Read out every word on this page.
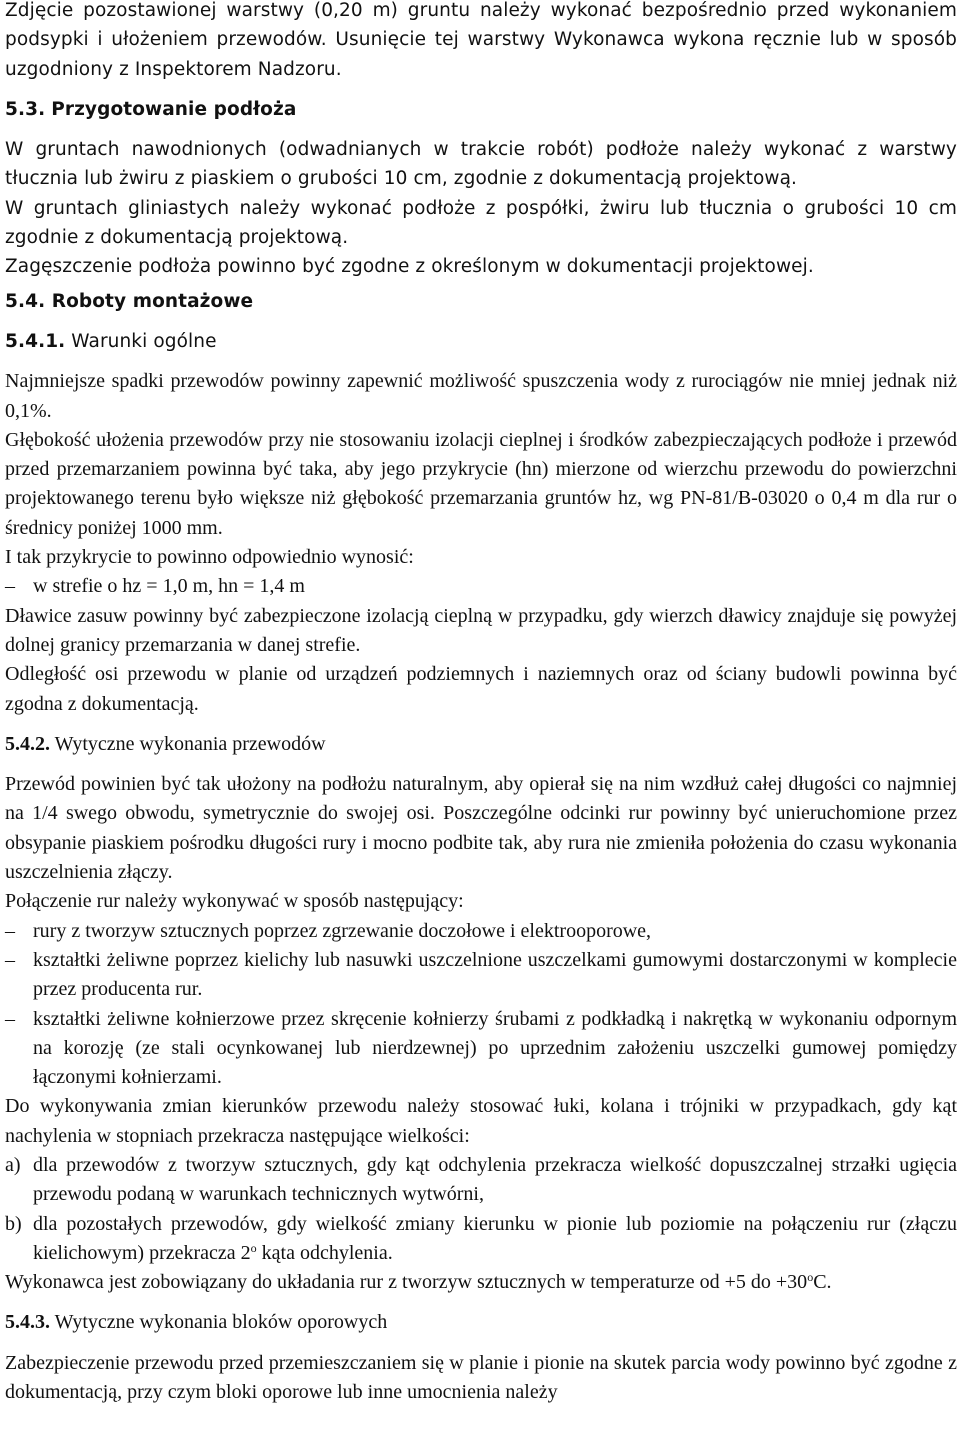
Zdjęcie pozostawionej warstwy (0,20 m) gruntu należy wykonać bezpośrednio przed wykonaniem podsypki i ułożeniem przewodów. Usunięcie tej warstwy Wykonawca wykona ręcznie lub w sposób uzgodniony z Inspektorem Nadzoru.

5.3. Przygotowanie podłoża

W gruntach nawodnionych (odwadnianych w trakcie robót) podłoże należy wykonać z warstwy tłucznia lub żwiru z piaskiem o grubości 10 cm, zgodnie z dokumentacją projektową.

W gruntach gliniastych należy wykonać podłoże z pospółki, żwiru lub tłucznia o grubości 10 cm zgodnie z dokumentacją projektową.

Zagęszczenie podłoża powinno być zgodne z określonym w dokumentacji projektowej.

5.4. Roboty montażowe
5.4.1. Warunki ogólne

Najmniejsze spadki przewodów powinny zapewnić możliwość spuszczenia wody z rurociągów nie mniej jednak niż 0,1%.

Głębokość ułożenia przewodów przy nie stosowaniu izolacji cieplnej i środków zabezpieczających podłoże i przewód przed przemarzaniem powinna być taka, aby jego przykrycie (hn) mierzone od wierzchu przewodu do powierzchni projektowanego terenu było większe niż głębokość przemarzania gruntów hz, wg PN-81/B-03020 o 0,4 m dla rur o średnicy poniżej 1000 mm.

I tak przykrycie to powinno odpowiednio wynosić:

– w strefie o hz = 1,0 m, hn = 1,4 m

Dławice zasuw powinny być zabezpieczone izolacją cieplną w przypadku, gdy wierzch dławicy znajduje się powyżej dolnej granicy przemarzania w danej strefie.

Odległość osi przewodu w planie od urządzeń podziemnych i naziemnych oraz od ściany budowli powinna być zgodna z dokumentacją.

5.4.2. Wytyczne wykonania przewodów

Przewód powinien być tak ułożony na podłożu naturalnym, aby opierał się na nim wzdłuż całej długości co najmniej na 1/4 swego obwodu, symetrycznie do swojej osi. Poszczególne odcinki rur powinny być unieruchomione przez obsypanie piaskiem pośrodku długości rury i mocno podbite tak, aby rura nie zmieniła położenia do czasu wykonania uszczelnienia złączy.

Połączenie rur należy wykonywać w sposób następujący:

– rury z tworzyw sztucznych poprzez zgrzewanie doczołowe i elektrooporowe,
– kształtki żeliwne poprzez kielichy lub nasuwki uszczelnione uszczelkami gumowymi dostarczonymi w komplecie przez producenta rur.
– kształtki żeliwne kołnierzowe przez skręcenie kołnierzy śrubami z podkładką i nakrętką w wykonaniu odpornym na korozję (ze stali ocynkowanej lub nierdzewnej) po uprzednim założeniu uszczelki gumowej pomiędzy łączonymi kołnierzami.

Do wykonywania zmian kierunków przewodu należy stosować łuki, kolana i trójniki w przypadkach, gdy kąt nachylenia w stopniach przekracza następujące wielkości:

a) dla przewodów z tworzyw sztucznych, gdy kąt odchylenia przekracza wielkość dopuszczalnej strzałki ugięcia przewodu podaną w warunkach technicznych wytwórni,
b) dla pozostałych przewodów, gdy wielkość zmiany kierunku w pionie lub poziomie na połączeniu rur (złączu kielichowym) przekracza 2$^o$ kąta odchylenia.

Wykonawca jest zobowiązany do układania rur z tworzyw sztucznych w temperaturze od +5 do $+30^oC$.

5.4.3. Wytyczne wykonania bloków oporowych

Zabezpieczenie przewodu przed przemieszczaniem się w planie i pionie na skutek parcia wody powinno być zgodne z dokumentacją, przy czym bloki oporowe lub inne umocnienia należy
